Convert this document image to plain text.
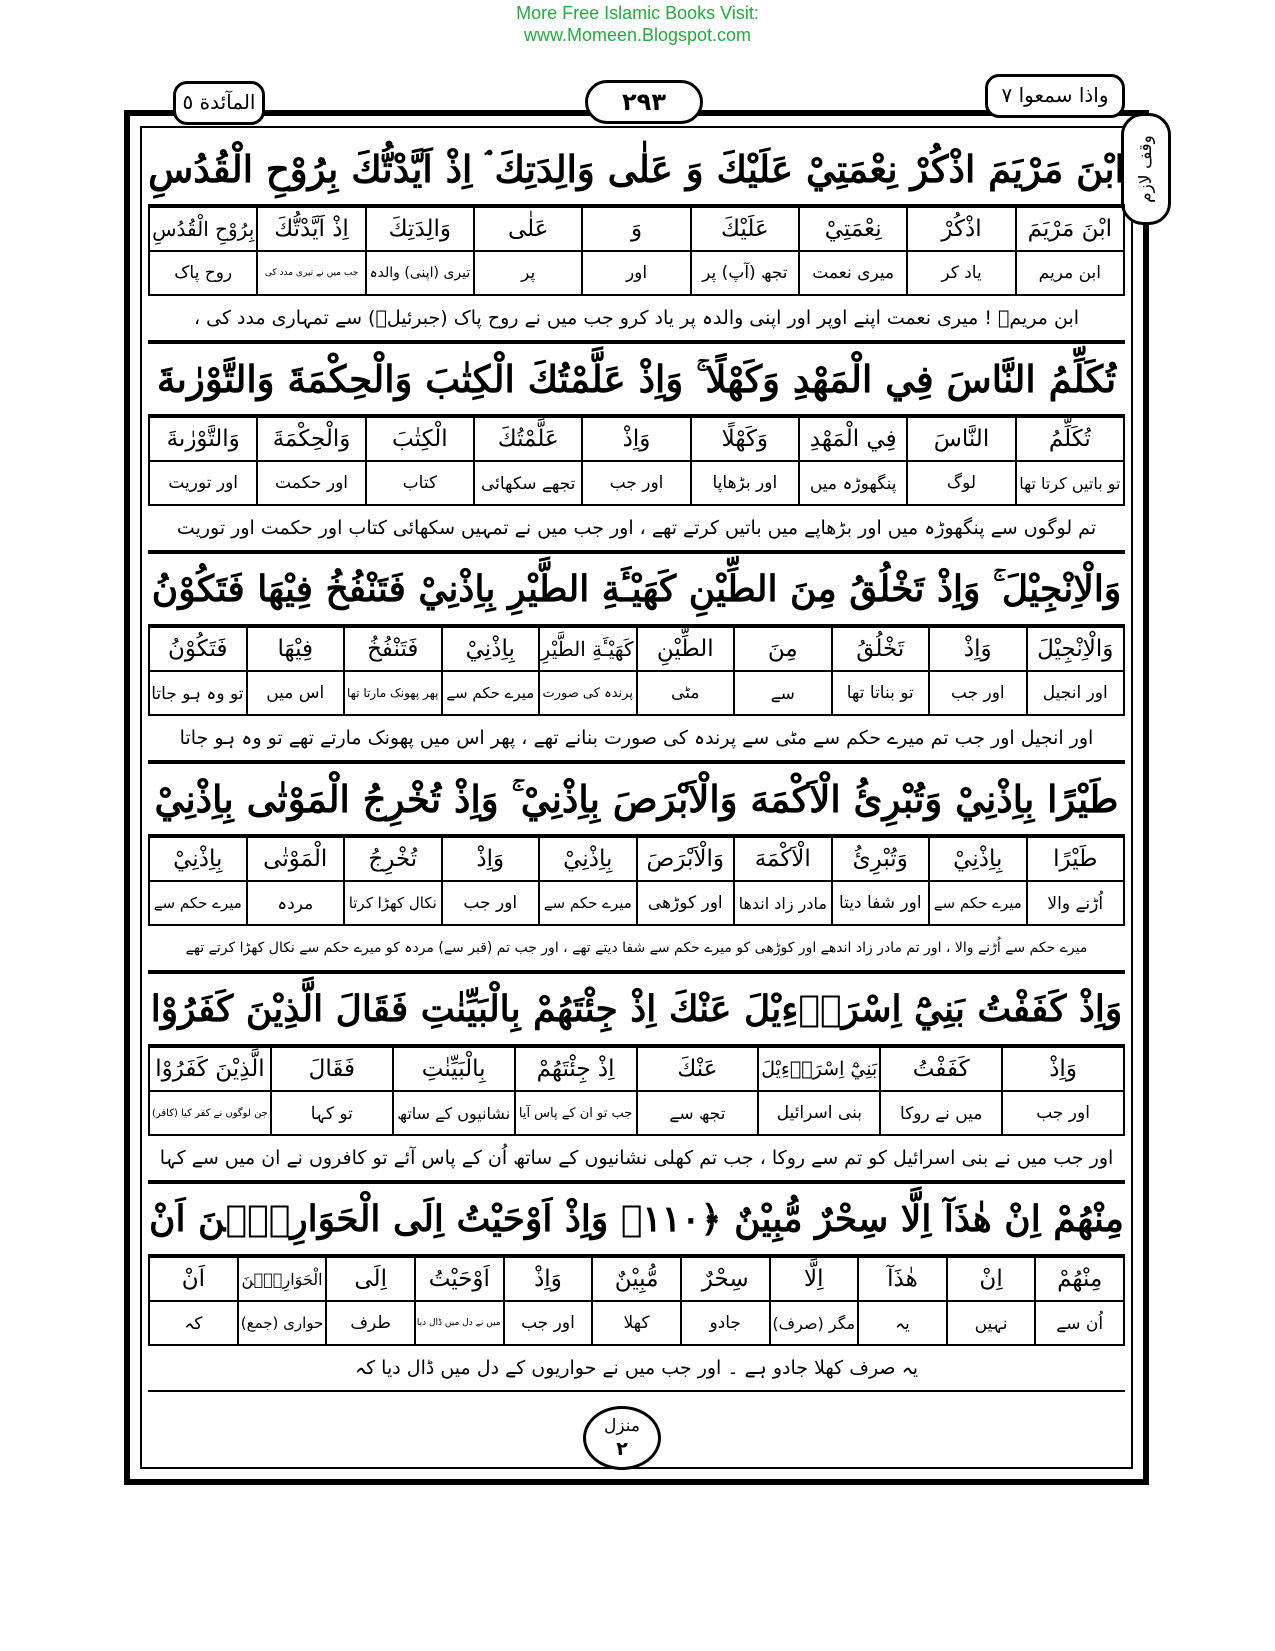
More Free Islamic Books Visit:
www.Momeen.Blogspot.com
المآئدة ٥	۲۹۳	واذا سمعوا ٧
وقف لازم
ابْنَ مَرْيَمَ اذْكُرْ نِعْمَتِيْ عَلَيْكَ وَ عَلٰى وَالِدَتِكَ ۘ اِذْ اَيَّدْتُّكَ بِرُوْحِ الْقُدُسِ
ابْنَ مَرْيَمَ	اذْكُرْ	نِعْمَتِيْ	عَلَيْكَ	وَ	عَلٰى	وَالِدَتِكَ	اِذْ اَيَّدْتُّكَ	بِرُوْحِ الْقُدُسِ
ابن مریم	یاد کر	میری نعمت	تجھ (آپ) پر	اور	پر	تیری (اپنی) والدہ	جب میں نے تیری مدد کی	روح پاک
ابن مریمؑ ! میری نعمت اپنے اوپر اور اپنی والدہ پر یاد کرو جب میں نے روح پاک (جبرئیلؑ) سے تمہاری مدد کی ،
تُكَلِّمُ النَّاسَ فِي الْمَهْدِ وَكَهْلًا ۚ وَاِذْ عَلَّمْتُكَ الْكِتٰبَ وَالْحِكْمَةَ وَالتَّوْرٰىةَ
تُكَلِّمُ	النَّاسَ	فِي الْمَهْدِ	وَكَهْلًا	وَاِذْ	عَلَّمْتُكَ	الْكِتٰبَ	وَالْحِكْمَةَ	وَالتَّوْرٰىةَ
تو باتیں کرتا تھا	لوگ	پنگھوڑہ میں	اور بڑھاپا	اور جب	تجھے سکھائی	کتاب	اور حکمت	اور توریت
تم لوگوں سے پنگھوڑہ میں اور بڑھاپے میں باتیں کرتے تھے ، اور جب میں نے تمہیں سکھائی کتاب اور حکمت اور توریت
وَالْاِنْجِيْلَ ۚ وَاِذْ تَخْلُقُ مِنَ الطِّيْنِ كَهَيْـَٔةِ الطَّيْرِ بِاِذْنِيْ فَتَنْفُخُ فِيْهَا فَتَكُوْنُ
وَالْاِنْجِيْلَ	وَاِذْ	تَخْلُقُ	مِنَ	الطِّيْنِ	كَهَيْـَٔةِ الطَّيْرِ	بِاِذْنِيْ	فَتَنْفُخُ	فِيْهَا	فَتَكُوْنُ
اور انجیل	اور جب	تو بناتا تھا	سے	مٹی	پرندہ کی صورت	میرے حکم سے	پھر پھونک مارتا تھا	اس میں	تو وہ ہو جاتا
اور انجیل اور جب تم میرے حکم سے مٹی سے پرندہ کی صورت بنانے تھے ، پھر اس میں پھونک مارتے تھے تو وہ ہو جاتا
طَيْرًا بِاِذْنِيْ وَتُبْرِئُ الْاَكْمَهَ وَالْاَبْرَصَ بِاِذْنِيْ ۚ وَاِذْ تُخْرِجُ الْمَوْتٰى بِاِذْنِيْ
طَيْرًا	بِاِذْنِيْ	وَتُبْرِئُ	الْاَكْمَهَ	وَالْاَبْرَصَ	بِاِذْنِيْ	وَاِذْ	تُخْرِجُ	الْمَوْتٰى	بِاِذْنِيْ
اُڑنے والا	میرے حکم سے	اور شفا دیتا	مادر زاد اندھا	اور کوڑھی	میرے حکم سے	اور جب	نکال کھڑا کرتا	مردہ	میرے حکم سے
میرے حکم سے اُڑنے والا ، اور تم مادر زاد اندھے اور کوڑھی کو میرے حکم سے شفا دیتے تھے ، اور جب تم (قبر سے) مردہ کو میرے حکم سے نکال کھڑا کرتے تھے
وَاِذْ كَفَفْتُ بَنِيْٓ اِسْرَاۗءِيْلَ عَنْكَ اِذْ جِئْتَهُمْ بِالْبَيِّنٰتِ فَقَالَ الَّذِيْنَ كَفَرُوْا
وَاِذْ	كَفَفْتُ	بَنِيْٓ اِسْرَاۗءِيْلَ	عَنْكَ	اِذْ جِئْتَهُمْ	بِالْبَيِّنٰتِ	فَقَالَ	الَّذِيْنَ كَفَرُوْا
اور جب	میں نے روکا	بنی اسرائیل	تجھ سے	جب تو ان کے پاس آیا	نشانیوں کے ساتھ	تو کہا	جن لوگوں نے کفر کیا (کافر)
اور جب میں نے بنی اسرائیل کو تم سے روکا ، جب تم کھلی نشانیوں کے ساتھ اُن کے پاس آئے تو کافروں نے ان میں سے کہا
مِنْهُمْ اِنْ هٰذَآ اِلَّا سِحْرٌ مُّبِيْنٌ ﴿۱۱۰﴾ وَاِذْ اَوْحَيْتُ اِلَى الْحَوَارِيّٖنَ اَنْ
مِنْهُمْ	اِنْ	هٰذَآ	اِلَّا	سِحْرٌ	مُّبِيْنٌ	وَاِذْ	اَوْحَيْتُ	اِلَى	الْحَوَارِيّٖنَ	اَنْ
اُن سے	نہیں	یہ	مگر (صرف)	جادو	کھلا	اور جب	میں نے دل میں ڈال دیا	طرف	حواری (جمع)	کہ
یہ صرف کھلا جادو ہے ۔ اور جب میں نے حواریوں کے دل میں ڈال دیا کہ
منزل
۲
